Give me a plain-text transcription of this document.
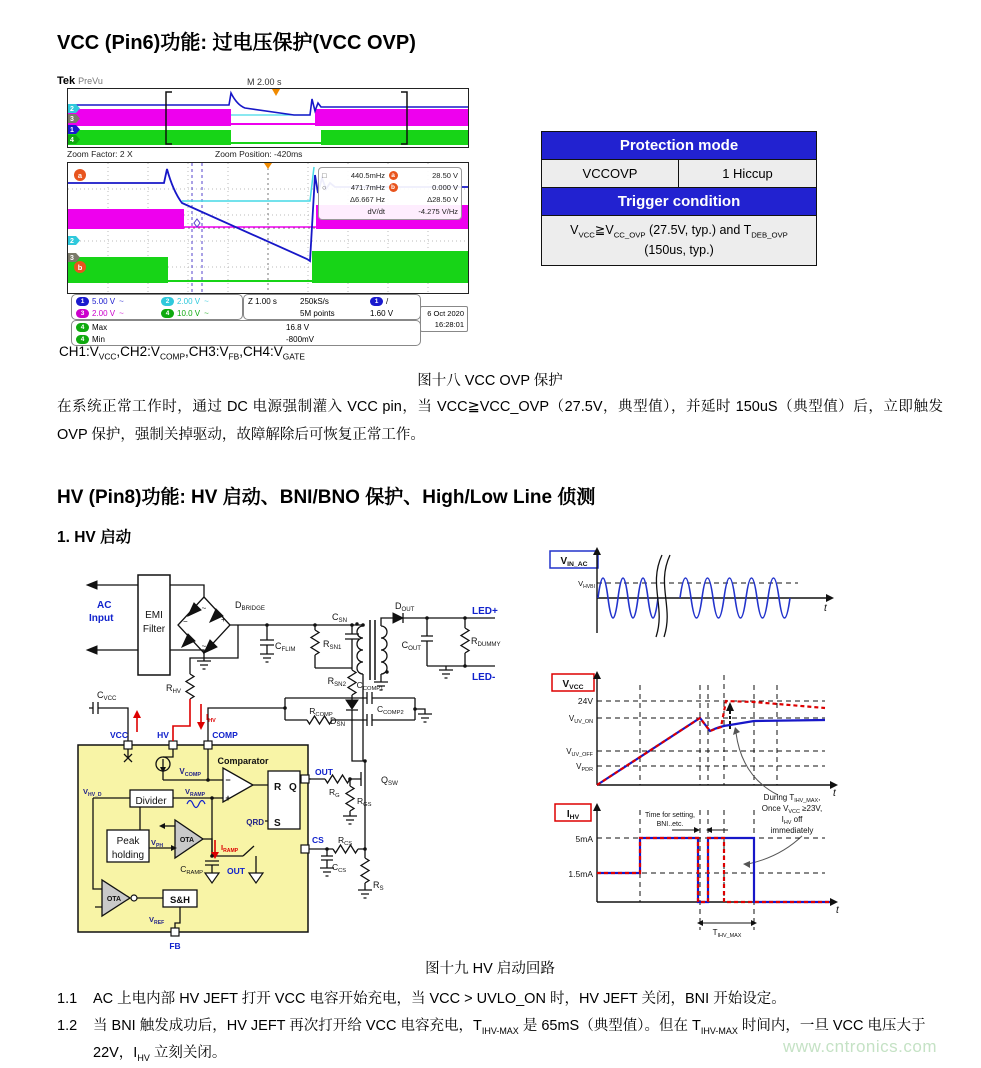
VCC (Pin6)功能: 过电压保护(VCC OVP)
Tek PreVu	M 2.00 s
2
3
1
4
Zoom Factor: 2 X	Zoom Position: -420ms
a
b
2
3
□	440.5mHz a	28.50 V
○	471.7mHz b	0.000 V
Δ6.667 Hz	Δ28.50 V
dV/dt	-4.275 V/Hz
1 5.00 V ~	2 2.00 V ~
3 2.00 V ~	4 10.0 V ~
Z 1.00 s	250kS/s	1 /
5M points	1.60 V	6 Oct 2020
16:28:01
4 Max	16.8 V
4 Min	-800mV
Protection mode
VCCOVP	1 Hiccup
Trigger condition
$V_{VCC}≧V_{CC\_OVP}$ (27.5V, typ.) and $T_{DEB\_OVP}$
(150us, typ.)
$CH1:V_{VCC},CH2:V_{COMP},CH3:V_{FB},CH4:V_{GATE}$
图十八 VCC OVP 保护

在系统正常工作时，通过 DC 电源强制灌入 VCC pin，当 VCC≧VCC_OVP（27.5V，典型值），并延时 150uS（典型值）后，立即触发 OVP 保护，强制关掉驱动，故障解除后可恢复正常工作。

HV (Pin8)功能: HV 启动、BNI/BNO 保护、High/Low Line 侦测
1. HV 启动
AC
Input	EMI
Filter
$D_{BRIDGE}$
~
~
+
−
$C_{FLIM}$
$R_{SN1}$
$C_{SN}$
$R_{SN2}$
$D_{SN}$
$D_{OUT}$
$C_{OUT}$
$R_{DUMMY}$
LED+
LED-
$C_{VCC}$
$R_{HV}$
$I_{HV}$
$R_{COMP}$
$C_{COMP1}$
$C_{COMP2}$
VCC	HV	COMP
$V_{COMP}$
Comparator
−
+
R Q
S
QRD
OUT
$R_G$
$Q_{SW}$
$R_{GS}$
CS $R_{CS}$
$C_{CS}$
$R_S$
Divider
$V_{HV\_D}$	$V_{RAMP}$
Peak
holding
$V_{PH}$
OTA
$I_{RAMP}$
$C_{RAMP}$	OUT
OTA	S&H
$V_{REF}$
FB
$V_{IN\_AC}$
$V_{HVBI}$
t
$V_{VCC}$
24V
$V_{UV\_ON}$
$V_{UV\_OFF}$
$V_{PDR}$
t
During $T_{IHV\_MAX}$,
Once $V_{VCC} \ge 23V$,
$I_{HV}$ off
immediately
$I_{HV}$
5mA
1.5mA
Time for setting,
BNI..etc.
$T_{IHV\_MAX}$
t
图十九 HV 启动回路
1.1	AC 上电内部 HV JEFT 打开 VCC 电容开始充电，当 VCC > UVLO_ON 时，HV JEFT 关闭，BNI 开始设定。
1.2	当 BNI 触发成功后，HV JEFT 再次打开给 VCC 电容充电，$T_{IHV-MAX}$ 是 65mS（典型值）。但在 $T_{IHV-MAX}$ 时间内，一旦 VCC 电压大于 22V，$I_{HV}$ 立刻关闭。	www.cntronics.com
